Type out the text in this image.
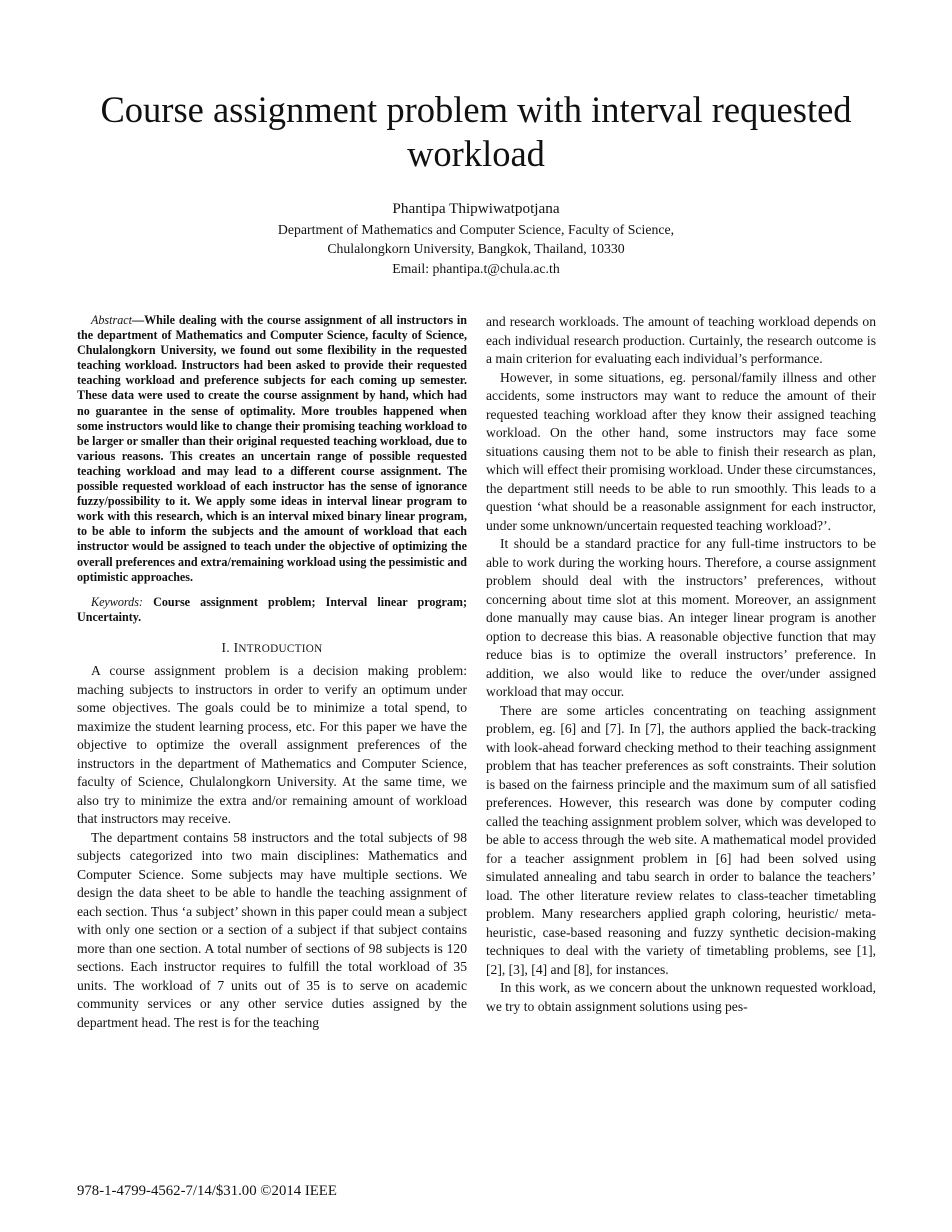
Course assignment problem with interval requested workload
Phantipa Thipwiwatpotjana
Department of Mathematics and Computer Science, Faculty of Science,
Chulalongkorn University, Bangkok, Thailand, 10330
Email: phantipa.t@chula.ac.th

Abstract—While dealing with the course assignment of all instructors in the department of Mathematics and Computer Science, faculty of Science, Chulalongkorn University, we found out some flexibility in the requested teaching workload. Instructors had been asked to provide their requested teaching workload and preference subjects for each coming up semester. These data were used to create the course assignment by hand, which had no guarantee in the sense of optimality. More troubles happened when some instructors would like to change their promising teaching workload to be larger or smaller than their original requested teaching workload, due to various reasons. This creates an uncertain range of possible requested teaching workload and may lead to a different course assignment. The possible requested workload of each instructor has the sense of ignorance fuzzy/possibility to it. We apply some ideas in interval linear program to work with this research, which is an interval mixed binary linear program, to be able to inform the subjects and the amount of workload that each instructor would be assigned to teach under the objective of optimizing the overall preferences and extra/remaining workload using the pessimistic and optimistic approaches.

Keywords: Course assignment problem; Interval linear program; Uncertainty.

I. INTRODUCTION

A course assignment problem is a decision making problem: maching subjects to instructors in order to verify an optimum under some objectives. The goals could be to minimize a total spend, to maximize the student learning process, etc. For this paper we have the objective to optimize the overall assignment preferences of the instructors in the department of Mathematics and Computer Science, faculty of Science, Chulalongkorn University. At the same time, we also try to minimize the extra and/or remaining amount of workload that instructors may receive.

The department contains 58 instructors and the total subjects of 98 subjects categorized into two main disciplines: Mathematics and Computer Science. Some subjects may have multiple sections. We design the data sheet to be able to handle the teaching assignment of each section. Thus ‘a subject’ shown in this paper could mean a subject with only one section or a section of a subject if that subject contains more than one section. A total number of sections of 98 subjects is 120 sections. Each instructor requires to fulfill the total workload of 35 units. The workload of 7 units out of 35 is to serve on academic community services or any other service duties assigned by the department head. The rest is for the teaching

and research workloads. The amount of teaching workload depends on each individual research production. Curtainly, the research outcome is a main criterion for evaluating each individual’s performance.

However, in some situations, eg. personal/family illness and other accidents, some instructors may want to reduce the amount of their requested teaching workload after they know their assigned teaching workload. On the other hand, some instructors may face some situations causing them not to be able to finish their research as plan, which will effect their promising workload. Under these circumstances, the department still needs to be able to run smoothly. This leads to a question ‘what should be a reasonable assignment for each instructor, under some unknown/uncertain requested teaching workload?’.

It should be a standard practice for any full-time instructors to be able to work during the working hours. Therefore, a course assignment problem should deal with the instructors’ preferences, without concerning about time slot at this moment. Moreover, an assignment done manually may cause bias. An integer linear program is another option to decrease this bias. A reasonable objective function that may reduce bias is to optimize the overall instructors’ preference. In addition, we also would like to reduce the over/under assigned workload that may occur.

There are some articles concentrating on teaching assignment problem, eg. [6] and [7]. In [7], the authors applied the back-tracking with look-ahead forward checking method to their teaching assignment problem that has teacher preferences as soft constraints. Their solution is based on the fairness principle and the maximum sum of all satisfied preferences. However, this research was done by computer coding called the teaching assignment problem solver, which was developed to be able to access through the web site. A mathematical model provided for a teacher assignment problem in [6] had been solved using simulated annealing and tabu search in order to balance the teachers’ load. The other literature review relates to class-teacher timetabling problem. Many researchers applied graph coloring, heuristic/ meta-heuristic, case-based reasoning and fuzzy synthetic decision-making techniques to deal with the variety of timetabling problems, see [1], [2], [3], [4] and [8], for instances.

In this work, as we concern about the unknown requested workload, we try to obtain assignment solutions using pes-

978-1-4799-4562-7/14/$31.00 ©2014 IEEE
